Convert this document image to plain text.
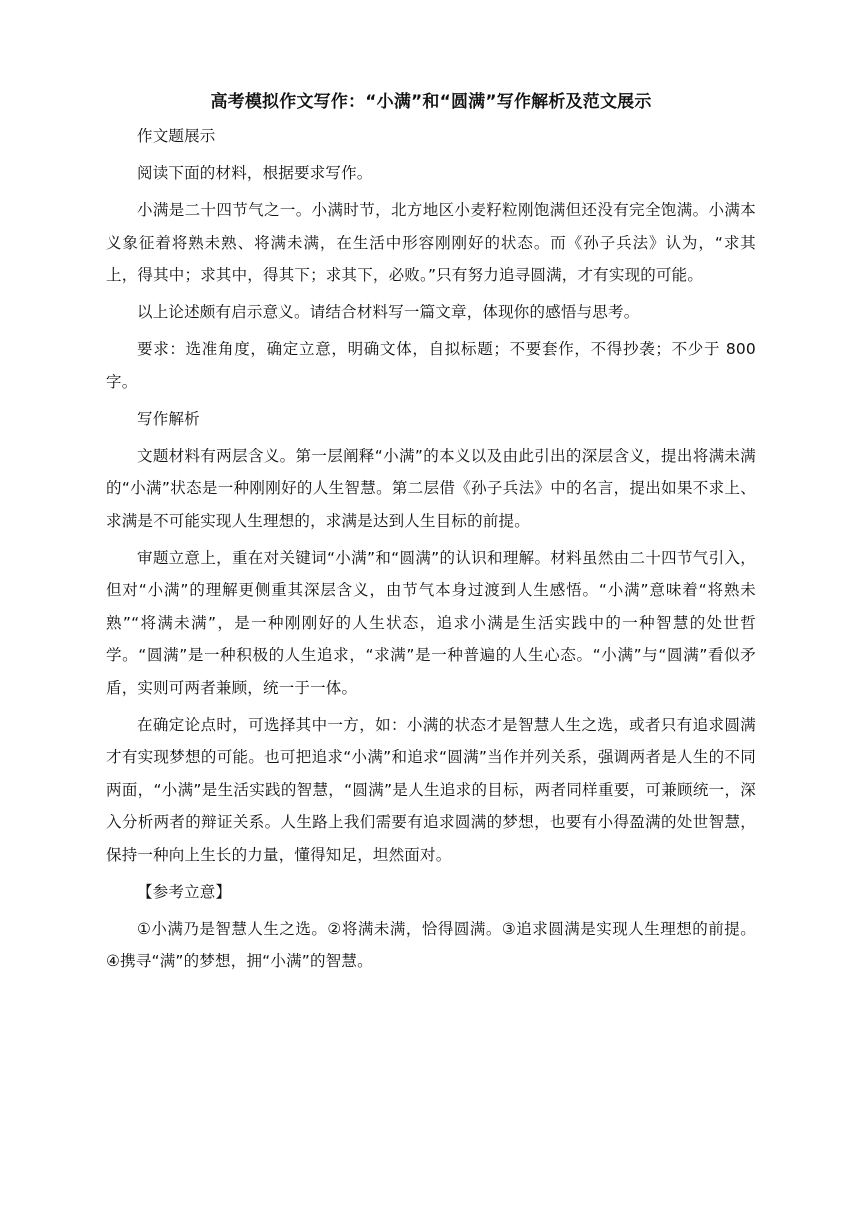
高考模拟作文写作：“小满”和“圆满”写作解析及范文展示
作文题展示
阅读下面的材料，根据要求写作。
小满是二十四节气之一。小满时节，北方地区小麦籽粒刚饱满但还没有完全饱满。小满本义象征着将熟未熟、将满未满，在生活中形容刚刚好的状态。而《孙子兵法》认为，“求其上，得其中；求其中，得其下；求其下，必败。”只有努力追寻圆满，才有实现的可能。
以上论述颇有启示意义。请结合材料写一篇文章，体现你的感悟与思考。
要求：选准角度，确定立意，明确文体，自拟标题；不要套作，不得抄袭；不少于 800 字。
写作解析
文题材料有两层含义。第一层阐释“小满”的本义以及由此引出的深层含义，提出将满未满的“小满”状态是一种刚刚好的人生智慧。第二层借《孙子兵法》中的名言，提出如果不求上、求满是不可能实现人生理想的，求满是达到人生目标的前提。
审题立意上，重在对关键词“小满”和“圆满”的认识和理解。材料虽然由二十四节气引入，但对“小满”的理解更侧重其深层含义，由节气本身过渡到人生感悟。“小满”意味着“将熟未熟”“将满未满”，是一种刚刚好的人生状态，追求小满是生活实践中的一种智慧的处世哲学。“圆满”是一种积极的人生追求，“求满”是一种普遍的人生心态。“小满”与“圆满”看似矛盾，实则可两者兼顾，统一于一体。
在确定论点时，可选择其中一方，如：小满的状态才是智慧人生之选，或者只有追求圆满才有实现梦想的可能。也可把追求“小满”和追求“圆满”当作并列关系，强调两者是人生的不同两面，“小满”是生活实践的智慧，“圆满”是人生追求的目标，两者同样重要，可兼顾统一，深入分析两者的辩证关系。人生路上我们需要有追求圆满的梦想，也要有小得盈满的处世智慧，保持一种向上生长的力量，懂得知足，坦然面对。
【参考立意】
①小满乃是智慧人生之选。②将满未满，恰得圆满。③追求圆满是实现人生理想的前提。④携寻“满”的梦想，拥“小满”的智慧。
